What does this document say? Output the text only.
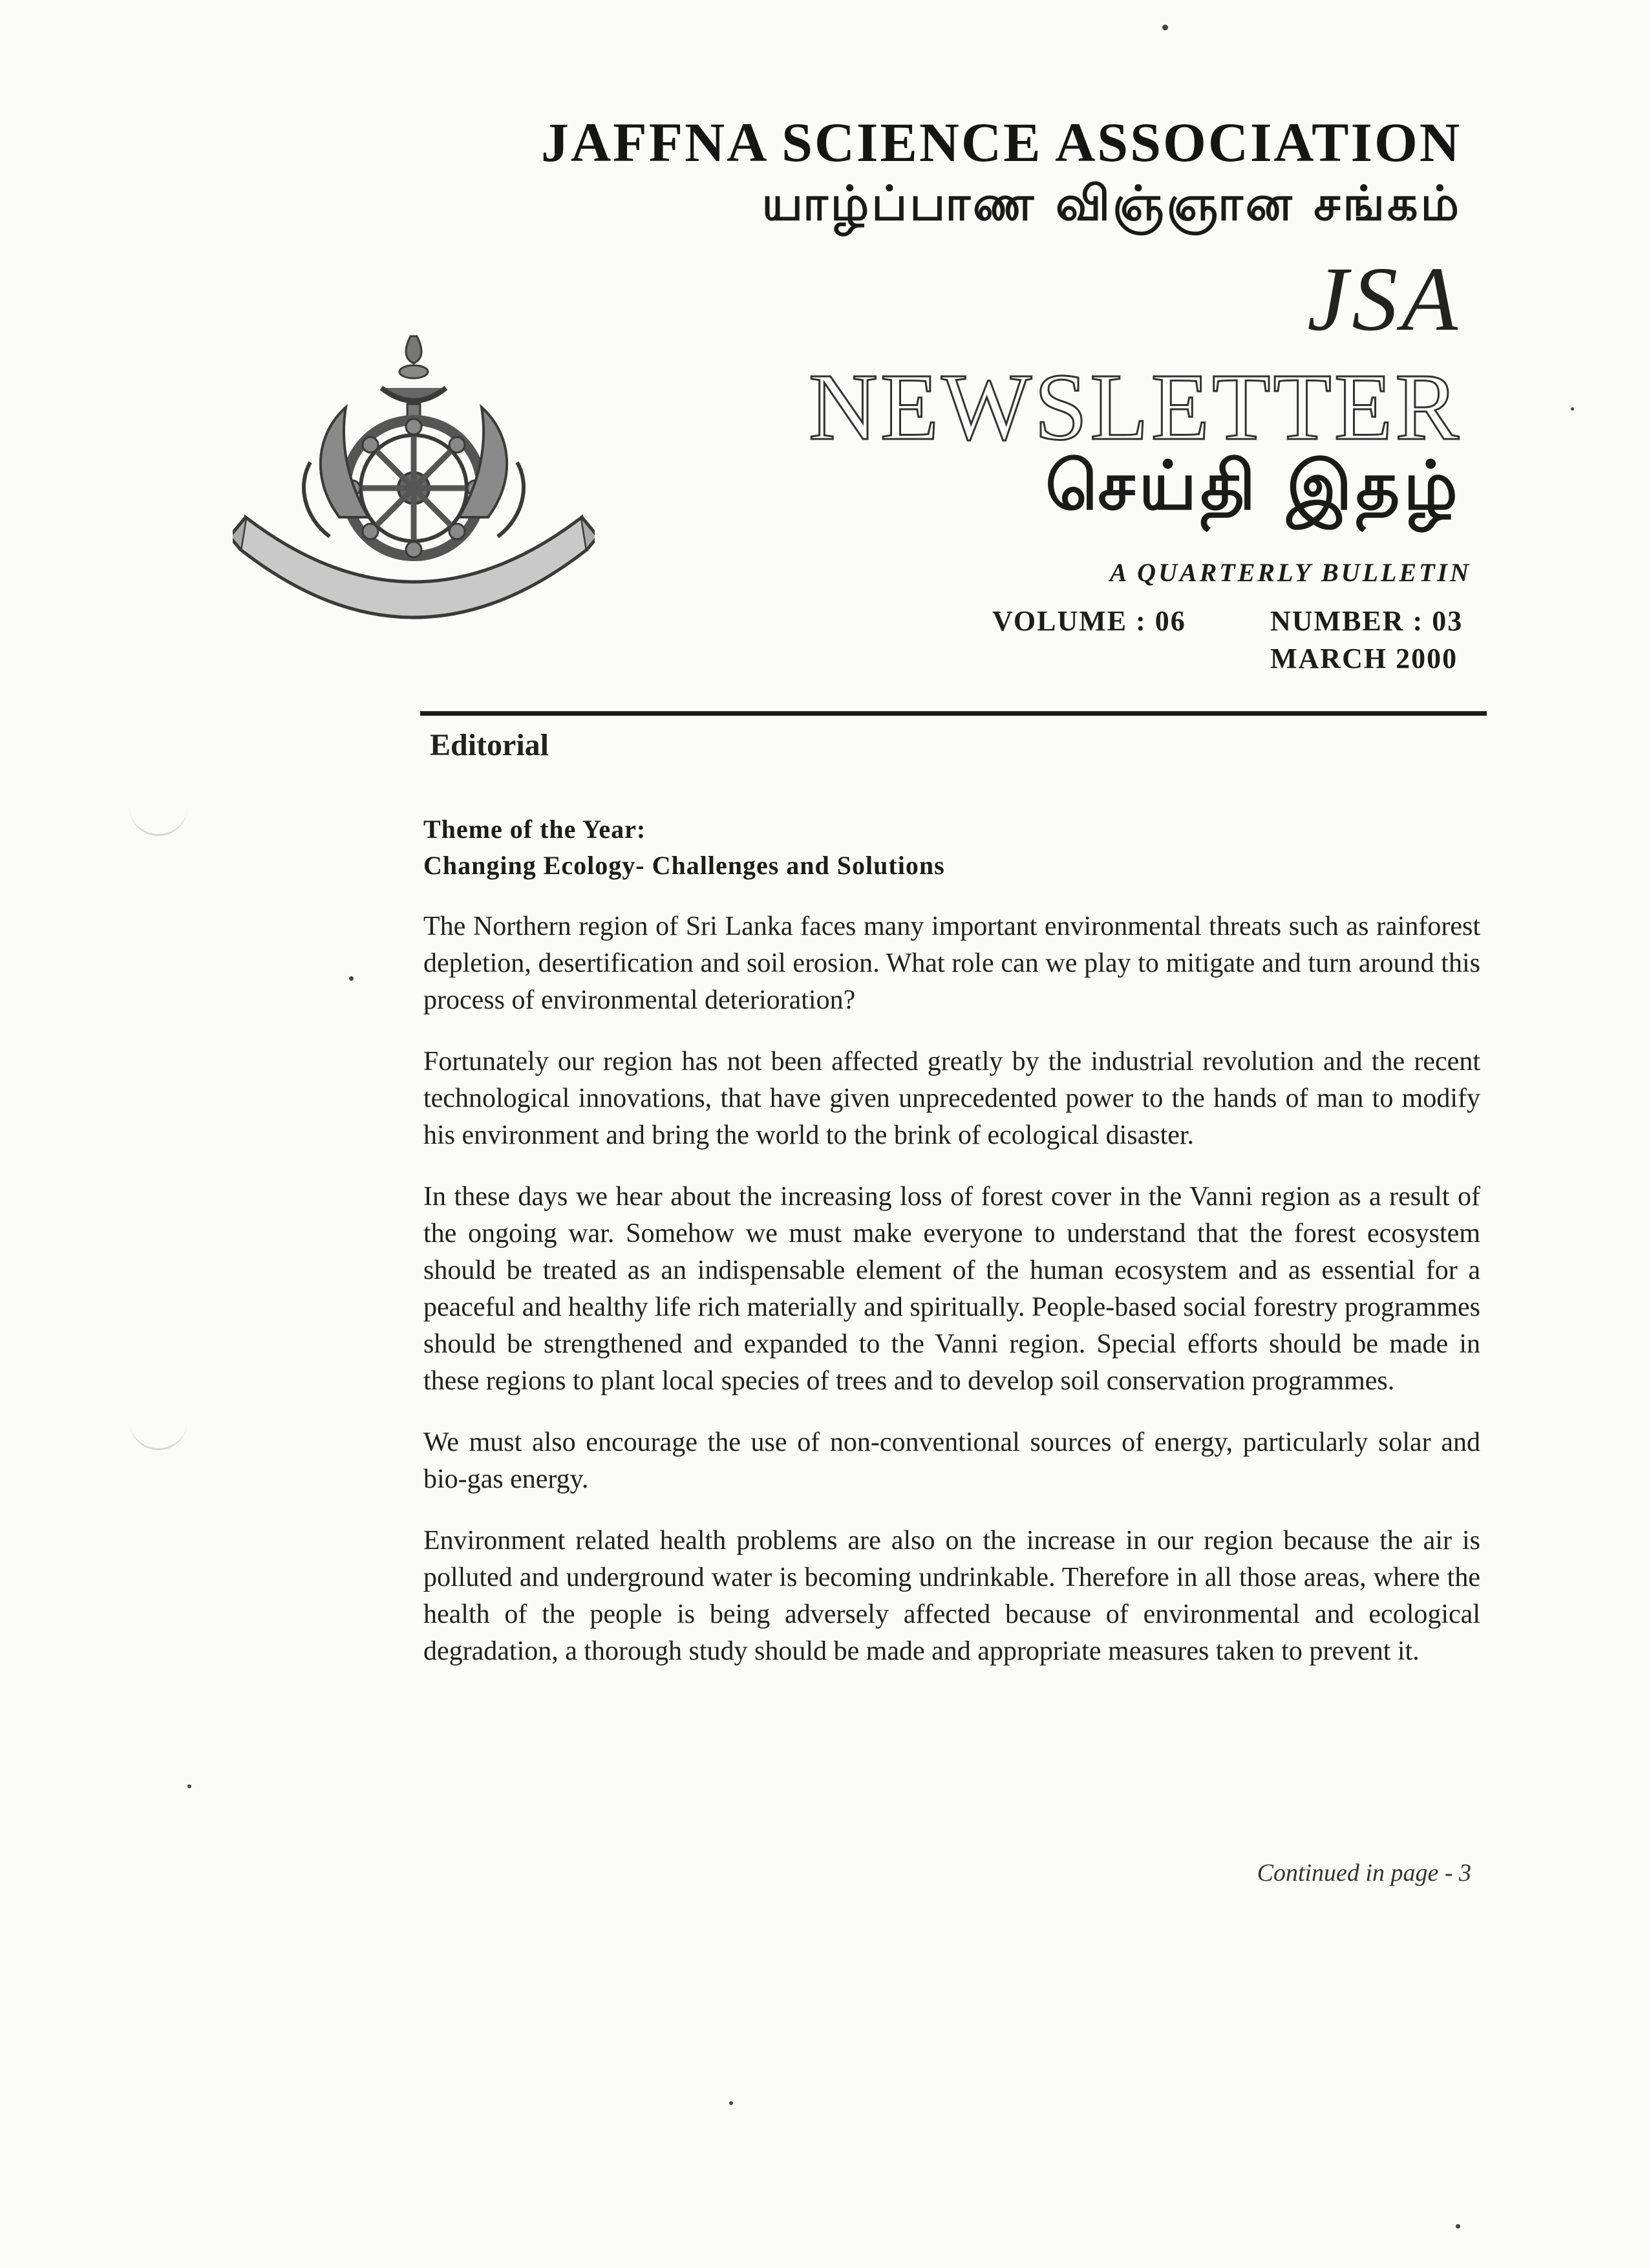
JAFFNA SCIENCE ASSOCIATION
யாழ்ப்பாண விஞ்ஞான சங்கம்
JSA
NEWSLETTER
செய்தி இதழ்
A QUARTERLY BULLETIN
VOLUME : 06	NUMBER : 03
MARCH 2000
Editorial

Theme of the Year:

Changing Ecology- Challenges and Solutions

The Northern region of Sri Lanka faces many important environmental threats such as rainforest depletion, desertification and soil erosion. What role can we play to mitigate and turn around this process of environmental deterioration?

Fortunately our region has not been affected greatly by the industrial revolution and the recent technological innovations, that have given unprecedented power to the hands of man to modify his environment and bring the world to the brink of ecological disaster.

In these days we hear about the increasing loss of forest cover in the Vanni region as a result of the ongoing war. Somehow we must make everyone to understand that the forest ecosystem should be treated as an indispensable element of the human ecosystem and as essential for a peaceful and healthy life rich materially and spiritually. People-based social forestry programmes should be strengthened and expanded to the Vanni region. Special efforts should be made in these regions to plant local species of trees and to develop soil conservation programmes.

We must also encourage the use of non-conventional sources of energy, particularly solar and bio-gas energy.

Environment related health problems are also on the increase in our region because the air is polluted and underground water is becoming undrinkable. Therefore in all those areas, where the health of the people is being adversely affected because of environmental and ecological degradation, a thorough study should be made and appropriate measures taken to prevent it.

Continued in page - 3
